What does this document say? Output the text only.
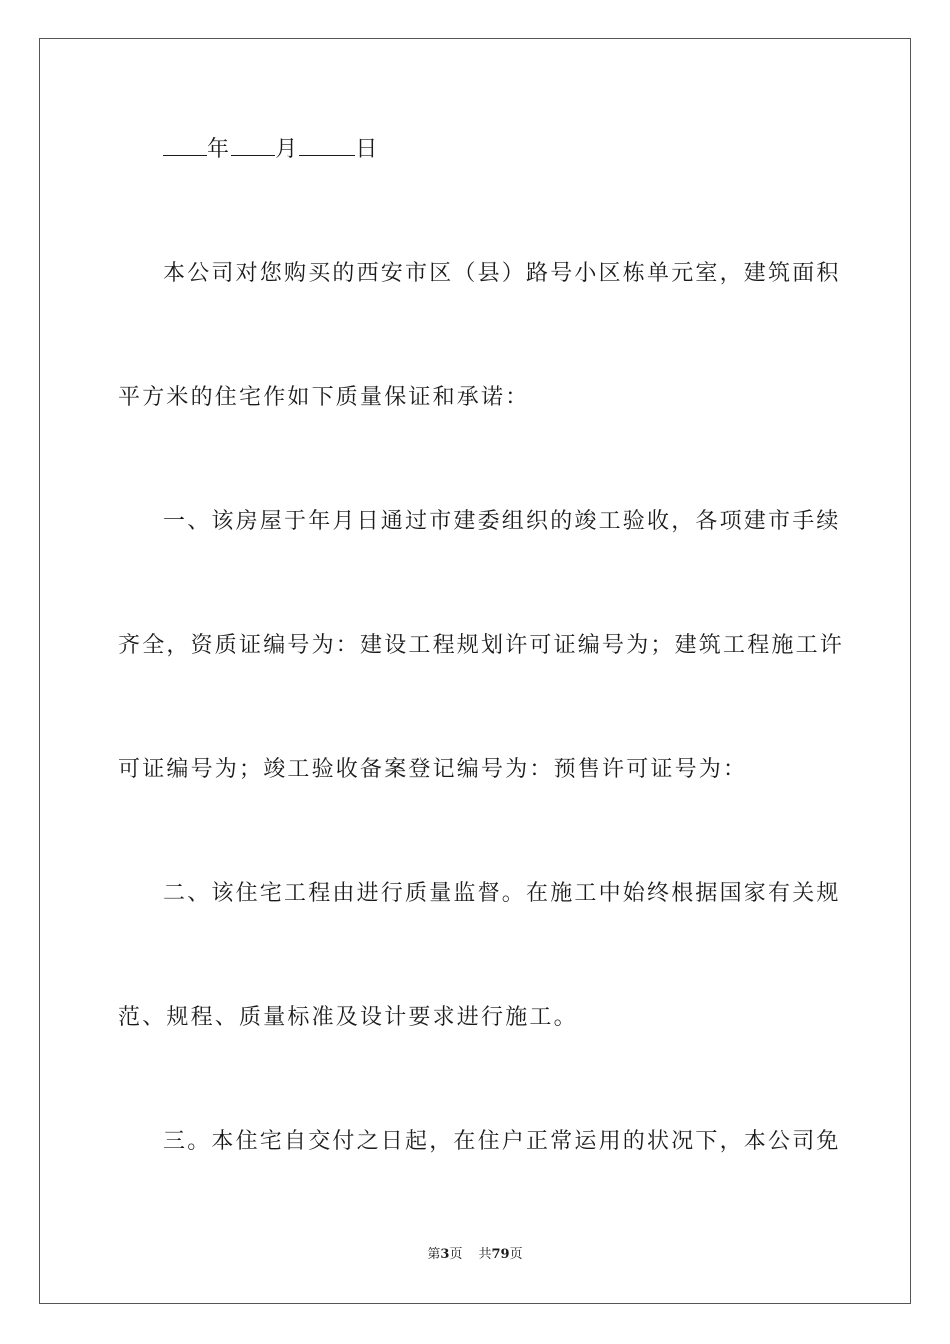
年 月	日
本公司对您购买的西安市区（县）路号小区栋单元室，建筑面积
平方米的住宅作如下质量保证和承诺：
一、该房屋于年月日通过市建委组织的竣工验收，各项建市手续
齐全，资质证编号为：建设工程规划许可证编号为；建筑工程施工许
可证编号为；竣工验收备案登记编号为：预售许可证号为：
二、该住宅工程由进行质量监督。在施工中始终根据国家有关规
范、规程、质量标准及设计要求进行施工。
三。本住宅自交付之日起，在住户正常运用的状况下，本公司免
第3页 共79页
